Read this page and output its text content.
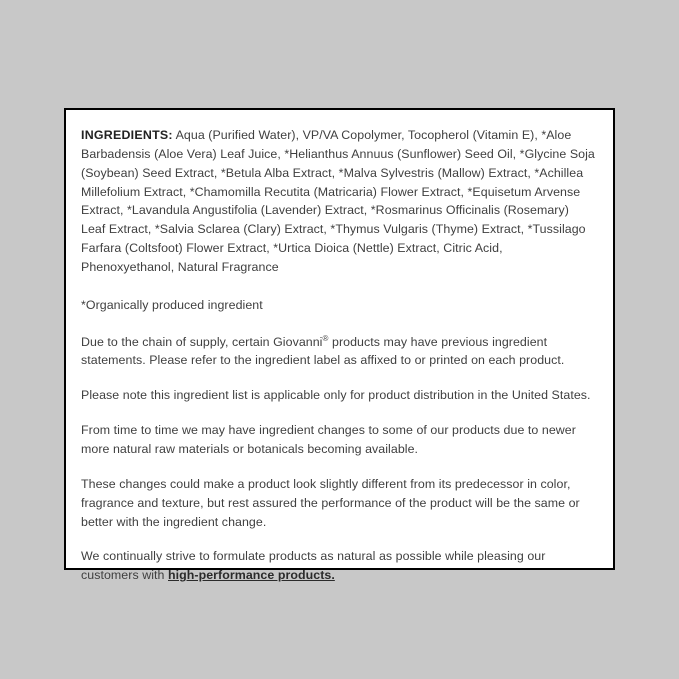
INGREDIENTS: Aqua (Purified Water), VP/VA Copolymer, Tocopherol (Vitamin E), *Aloe Barbadensis (Aloe Vera) Leaf Juice, *Helianthus Annuus (Sunflower) Seed Oil, *Glycine Soja (Soybean) Seed Extract, *Betula Alba Extract, *Malva Sylvestris (Mallow) Extract, *Achillea Millefolium Extract, *Chamomilla Recutita (Matricaria) Flower Extract, *Equisetum Arvense Extract, *Lavandula Angustifolia (Lavender) Extract, *Rosmarinus Officinalis (Rosemary) Leaf Extract, *Salvia Sclarea (Clary) Extract, *Thymus Vulgaris (Thyme) Extract, *Tussilago Farfara (Coltsfoot) Flower Extract, *Urtica Dioica (Nettle) Extract, Citric Acid, Phenoxyethanol, Natural Fragrance

*Organically produced ingredient

Due to the chain of supply, certain Giovanni® products may have previous ingredient statements. Please refer to the ingredient label as affixed to or printed on each product.

Please note this ingredient list is applicable only for product distribution in the United States.

From time to time we may have ingredient changes to some of our products due to newer more natural raw materials or botanicals becoming available.

These changes could make a product look slightly different from its predecessor in color, fragrance and texture, but rest assured the performance of the product will be the same or better with the ingredient change.

We continually strive to formulate products as natural as possible while pleasing our customers with high-performance products.
